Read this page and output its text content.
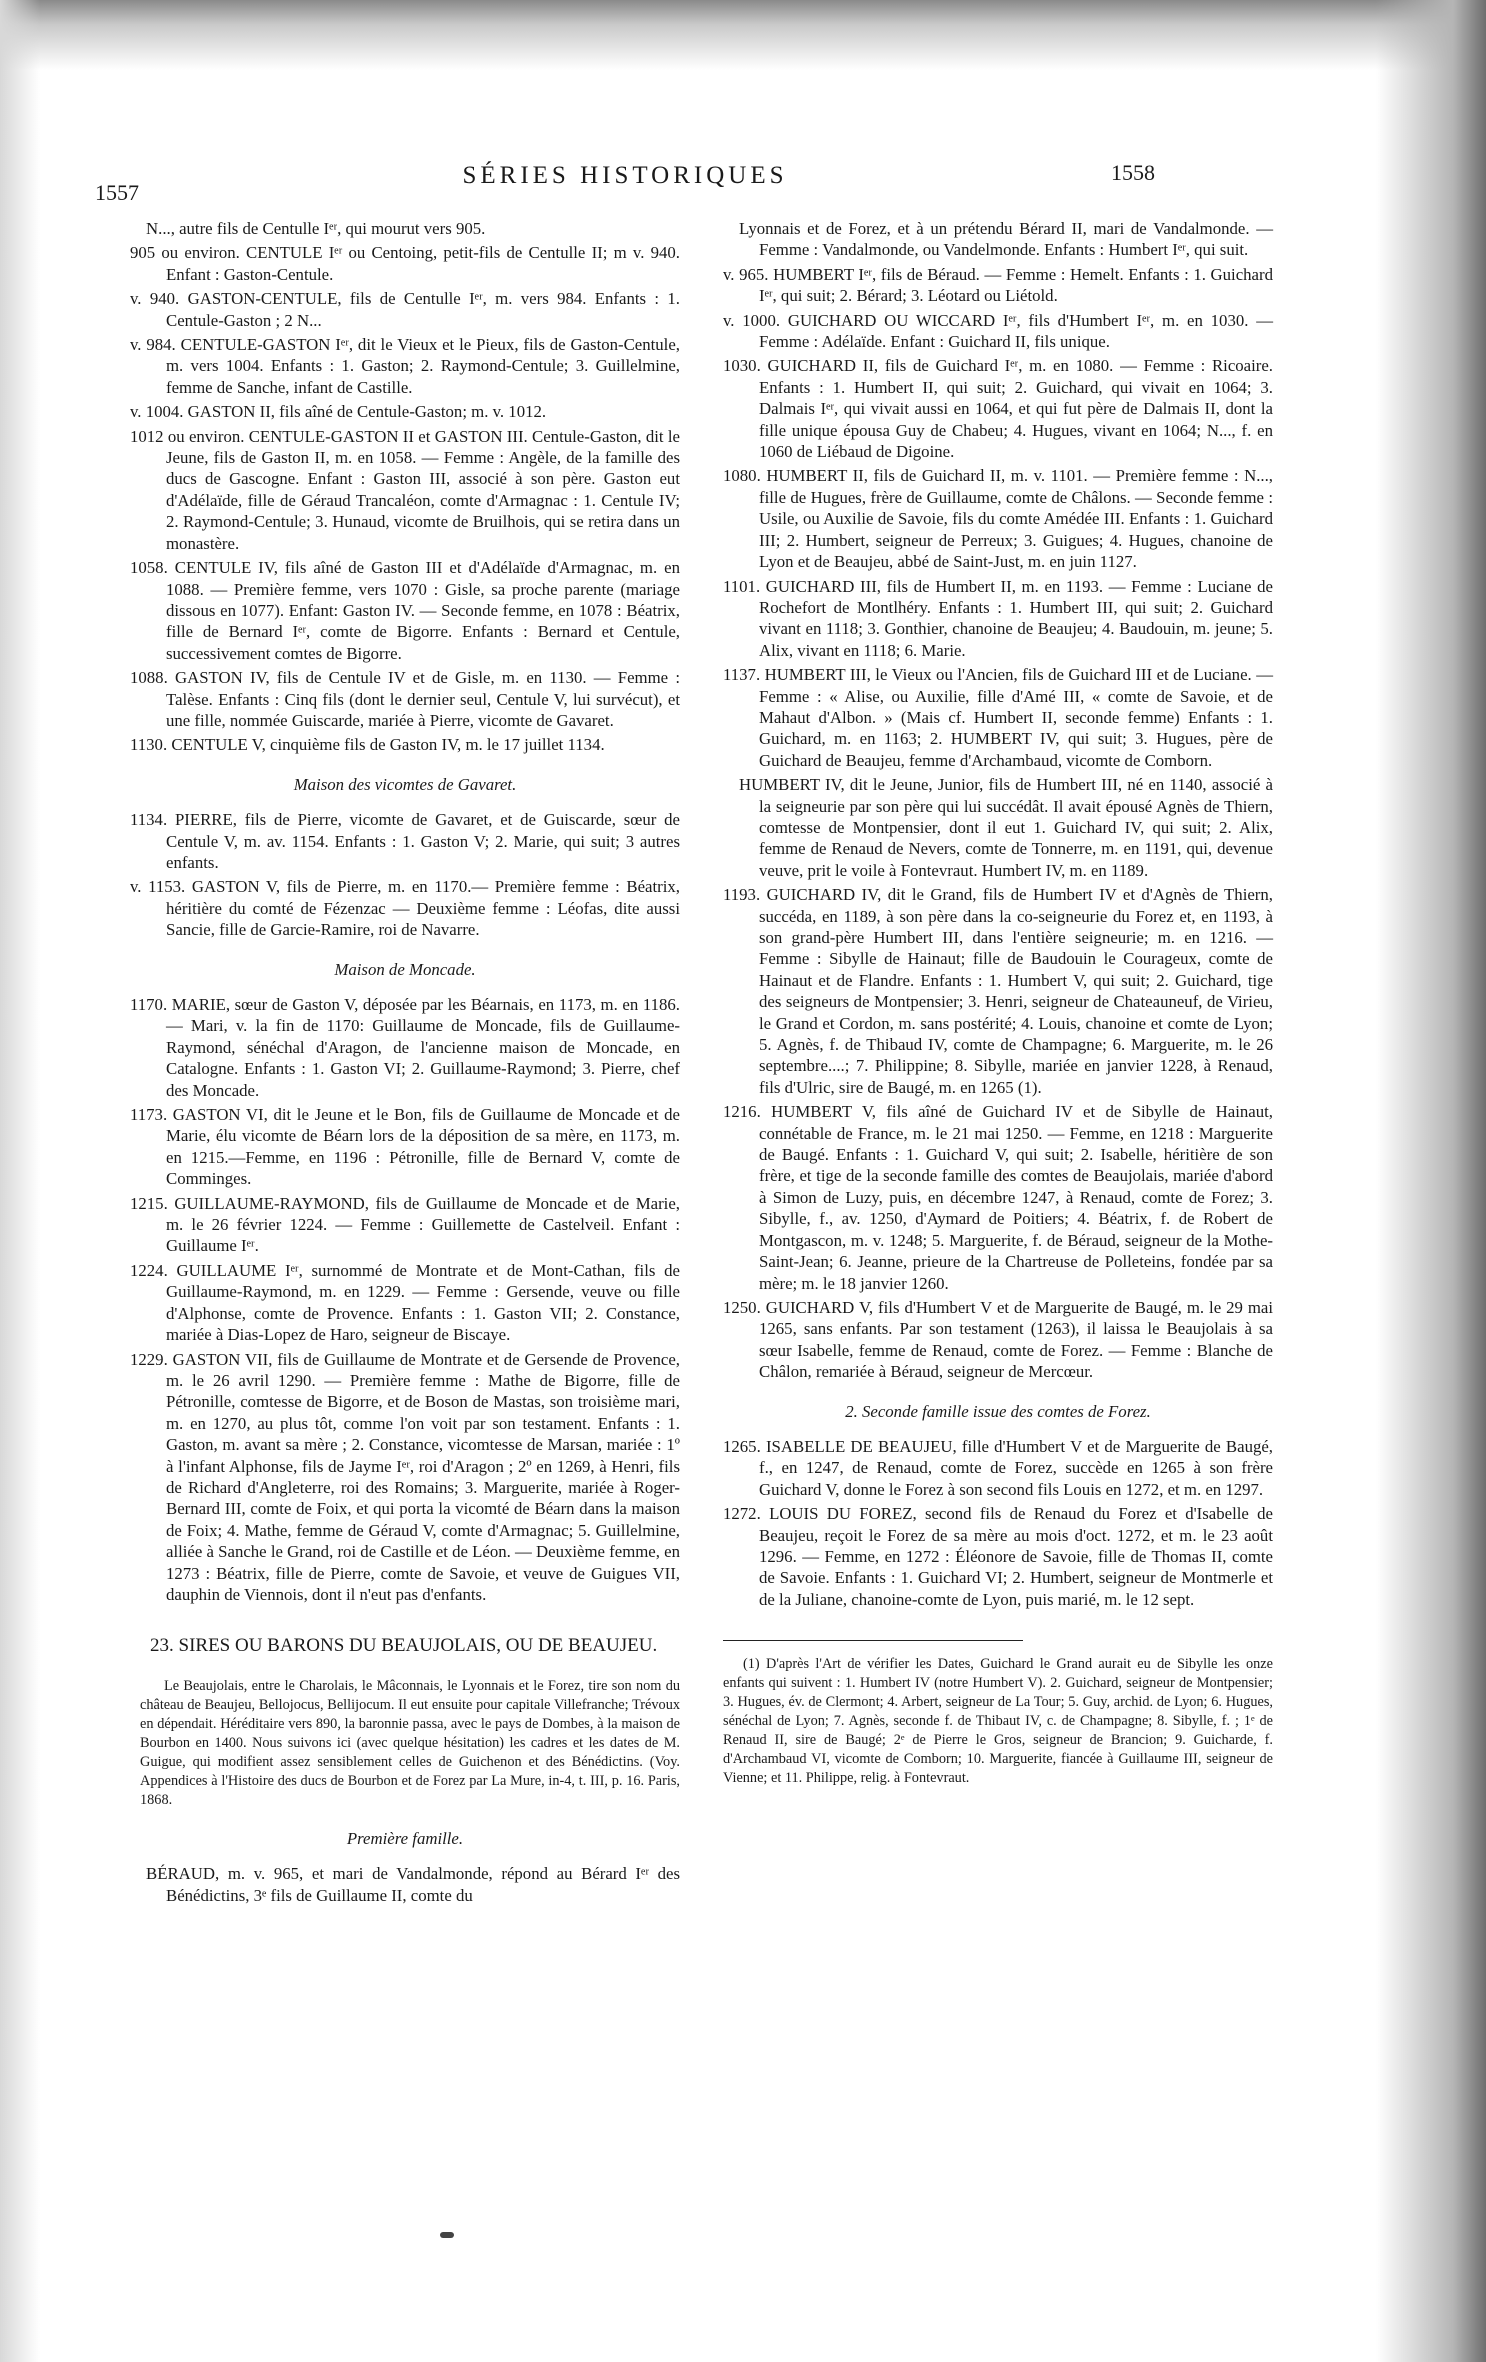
1557
SÉRIES HISTORIQUES	1558

N..., autre fils de Centulle Iᵉʳ, qui mourut vers 905.

905 ou environ. CENTULE Iᵉʳ ou Centoing, petit-fils de Centulle II; m v. 940. Enfant : Gaston-Centule.

v. 940. GASTON-CENTULE, fils de Centulle Iᵉʳ, m. vers 984. Enfants : 1. Centule-Gaston ; 2 N...

v. 984. CENTULE-GASTON Iᵉʳ, dit le Vieux et le Pieux, fils de Gaston-Centule, m. vers 1004. Enfants : 1. Gaston; 2. Raymond-Centule; 3. Guillelmine, femme de Sanche, infant de Castille.

v. 1004. GASTON II, fils aîné de Centule-Gaston; m. v. 1012.

1012 ou environ. CENTULE-GASTON II et GASTON III. Centule-Gaston, dit le Jeune, fils de Gaston II, m. en 1058. — Femme : Angèle, de la famille des ducs de Gascogne. Enfant : Gaston III, associé à son père. Gaston eut d'Adélaïde, fille de Géraud Trancaléon, comte d'Armagnac : 1. Centule IV; 2. Raymond-Centule; 3. Hunaud, vicomte de Bruilhois, qui se retira dans un monastère.

1058. CENTULE IV, fils aîné de Gaston III et d'Adélaïde d'Armagnac, m. en 1088. — Première femme, vers 1070 : Gisle, sa proche parente (mariage dissous en 1077). Enfant: Gaston IV. — Seconde femme, en 1078 : Béatrix, fille de Bernard Iᵉʳ, comte de Bigorre. Enfants : Bernard et Centule, successivement comtes de Bigorre.

1088. GASTON IV, fils de Centule IV et de Gisle, m. en 1130. — Femme : Talèse. Enfants : Cinq fils (dont le dernier seul, Centule V, lui survécut), et une fille, nommée Guiscarde, mariée à Pierre, vicomte de Gavaret.

1130. CENTULE V, cinquième fils de Gaston IV, m. le 17 juillet 1134.

Maison des vicomtes de Gavaret.

1134. PIERRE, fils de Pierre, vicomte de Gavaret, et de Guiscarde, sœur de Centule V, m. av. 1154. Enfants : 1. Gaston V; 2. Marie, qui suit; 3 autres enfants.

v. 1153. GASTON V, fils de Pierre, m. en 1170.— Première femme : Béatrix, héritière du comté de Fézenzac — Deuxième femme : Léofas, dite aussi Sancie, fille de Garcie-Ramire, roi de Navarre.

Maison de Moncade.

1170. MARIE, sœur de Gaston V, déposée par les Béarnais, en 1173, m. en 1186. — Mari, v. la fin de 1170: Guillaume de Moncade, fils de Guillaume-Raymond, sénéchal d'Aragon, de l'ancienne maison de Moncade, en Catalogne. Enfants : 1. Gaston VI; 2. Guillaume-Raymond; 3. Pierre, chef des Moncade.

1173. GASTON VI, dit le Jeune et le Bon, fils de Guillaume de Moncade et de Marie, élu vicomte de Béarn lors de la déposition de sa mère, en 1173, m. en 1215.—Femme, en 1196 : Pétronille, fille de Bernard V, comte de Comminges.

1215. GUILLAUME-RAYMOND, fils de Guillaume de Moncade et de Marie, m. le 26 février 1224. — Femme : Guillemette de Castelveil. Enfant : Guillaume Iᵉʳ.

1224. GUILLAUME Iᵉʳ, surnommé de Montrate et de Mont-Cathan, fils de Guillaume-Raymond, m. en 1229. — Femme : Gersende, veuve ou fille d'Alphonse, comte de Provence. Enfants : 1. Gaston VII; 2. Constance, mariée à Dias-Lopez de Haro, seigneur de Biscaye.

1229. GASTON VII, fils de Guillaume de Montrate et de Gersende de Provence, m. le 26 avril 1290. — Première femme : Mathe de Bigorre, fille de Pétronille, comtesse de Bigorre, et de Boson de Mastas, son troisième mari, m. en 1270, au plus tôt, comme l'on voit par son testament. Enfants : 1. Gaston, m. avant sa mère ; 2. Constance, vicomtesse de Marsan, mariée : 1º à l'infant Alphonse, fils de Jayme Iᵉʳ, roi d'Aragon ; 2º en 1269, à Henri, fils de Richard d'Angleterre, roi des Romains; 3. Marguerite, mariée à Roger-Bernard III, comte de Foix, et qui porta la vicomté de Béarn dans la maison de Foix; 4. Mathe, femme de Géraud V, comte d'Armagnac; 5. Guillelmine, alliée à Sanche le Grand, roi de Castille et de Léon. — Deuxième femme, en 1273 : Béatrix, fille de Pierre, comte de Savoie, et veuve de Guigues VII, dauphin de Viennois, dont il n'eut pas d'enfants.

23. SIRES OU BARONS DU BEAUJOLAIS, OU DE BEAUJEU.

Le Beaujolais, entre le Charolais, le Mâconnais, le Lyonnais et le Forez, tire son nom du château de Beaujeu, Bellojocus, Bellijocum. Il eut ensuite pour capitale Villefranche; Trévoux en dépendait. Héréditaire vers 890, la baronnie passa, avec le pays de Dombes, à la maison de Bourbon en 1400. Nous suivons ici (avec quelque hésitation) les cadres et les dates de M. Guigue, qui modifient assez sensiblement celles de Guichenon et des Bénédictins. (Voy. Appendices à l'Histoire des ducs de Bourbon et de Forez par La Mure, in-4, t. III, p. 16. Paris, 1868.

Première famille.

BÉRAUD, m. v. 965, et mari de Vandalmonde, répond au Bérard Iᵉʳ des Bénédictins, 3ᵉ fils de Guillaume II, comte du

Lyonnais et de Forez, et à un prétendu Bérard II, mari de Vandalmonde. — Femme : Vandalmonde, ou Vandelmonde. Enfants : Humbert Iᵉʳ, qui suit.

v. 965. HUMBERT Iᵉʳ, fils de Béraud. — Femme : Hemelt. Enfants : 1. Guichard Iᵉʳ, qui suit; 2. Bérard; 3. Léotard ou Liétold.

v. 1000. GUICHARD OU WICCARD Iᵉʳ, fils d'Humbert Iᵉʳ, m. en 1030. — Femme : Adélaïde. Enfant : Guichard II, fils unique.

1030. GUICHARD II, fils de Guichard Iᵉʳ, m. en 1080. — Femme : Ricoaire. Enfants : 1. Humbert II, qui suit; 2. Guichard, qui vivait en 1064; 3. Dalmais Iᵉʳ, qui vivait aussi en 1064, et qui fut père de Dalmais II, dont la fille unique épousa Guy de Chabeu; 4. Hugues, vivant en 1064; N..., f. en 1060 de Liébaud de Digoine.

1080. HUMBERT II, fils de Guichard II, m. v. 1101. — Première femme : N..., fille de Hugues, frère de Guillaume, comte de Châlons. — Seconde femme : Usile, ou Auxilie de Savoie, fils du comte Amédée III. Enfants : 1. Guichard III; 2. Humbert, seigneur de Perreux; 3. Guigues; 4. Hugues, chanoine de Lyon et de Beaujeu, abbé de Saint-Just, m. en juin 1127.

1101. GUICHARD III, fils de Humbert II, m. en 1193. — Femme : Luciane de Rochefort de Montlhéry. Enfants : 1. Humbert III, qui suit; 2. Guichard vivant en 1118; 3. Gonthier, chanoine de Beaujeu; 4. Baudouin, m. jeune; 5. Alix, vivant en 1118; 6. Marie.

1137. HUMBERT III, le Vieux ou l'Ancien, fils de Guichard III et de Luciane. — Femme : « Alise, ou Auxilie, fille d'Amé III, « comte de Savoie, et de Mahaut d'Albon. » (Mais cf. Humbert II, seconde femme) Enfants : 1. Guichard, m. en 1163; 2. HUMBERT IV, qui suit; 3. Hugues, père de Guichard de Beaujeu, femme d'Archambaud, vicomte de Comborn.

HUMBERT IV, dit le Jeune, Junior, fils de Humbert III, né en 1140, associé à la seigneurie par son père qui lui succédât. Il avait épousé Agnès de Thiern, comtesse de Montpensier, dont il eut 1. Guichard IV, qui suit; 2. Alix, femme de Renaud de Nevers, comte de Tonnerre, m. en 1191, qui, devenue veuve, prit le voile à Fontevraut. Humbert IV, m. en 1189.

1193. GUICHARD IV, dit le Grand, fils de Humbert IV et d'Agnès de Thiern, succéda, en 1189, à son père dans la co-seigneurie du Forez et, en 1193, à son grand-père Humbert III, dans l'entière seigneurie; m. en 1216. — Femme : Sibylle de Hainaut; fille de Baudouin le Courageux, comte de Hainaut et de Flandre. Enfants : 1. Humbert V, qui suit; 2. Guichard, tige des seigneurs de Montpensier; 3. Henri, seigneur de Chateauneuf, de Virieu, le Grand et Cordon, m. sans postérité; 4. Louis, chanoine et comte de Lyon; 5. Agnès, f. de Thibaud IV, comte de Champagne; 6. Marguerite, m. le 26 septembre....; 7. Philippine; 8. Sibylle, mariée en janvier 1228, à Renaud, fils d'Ulric, sire de Baugé, m. en 1265 (1).

1216. HUMBERT V, fils aîné de Guichard IV et de Sibylle de Hainaut, connétable de France, m. le 21 mai 1250. — Femme, en 1218 : Marguerite de Baugé. Enfants : 1. Guichard V, qui suit; 2. Isabelle, héritière de son frère, et tige de la seconde famille des comtes de Beaujolais, mariée d'abord à Simon de Luzy, puis, en décembre 1247, à Renaud, comte de Forez; 3. Sibylle, f., av. 1250, d'Aymard de Poitiers; 4. Béatrix, f. de Robert de Montgascon, m. v. 1248; 5. Marguerite, f. de Béraud, seigneur de la Mothe-Saint-Jean; 6. Jeanne, prieure de la Chartreuse de Polleteins, fondée par sa mère; m. le 18 janvier 1260.

1250. GUICHARD V, fils d'Humbert V et de Marguerite de Baugé, m. le 29 mai 1265, sans enfants. Par son testament (1263), il laissa le Beaujolais à sa sœur Isabelle, femme de Renaud, comte de Forez. — Femme : Blanche de Châlon, remariée à Béraud, seigneur de Mercœur.

2. Seconde famille issue des comtes de Forez.

1265. ISABELLE DE BEAUJEU, fille d'Humbert V et de Marguerite de Baugé, f., en 1247, de Renaud, comte de Forez, succède en 1265 à son frère Guichard V, donne le Forez à son second fils Louis en 1272, et m. en 1297.

1272. LOUIS DU FOREZ, second fils de Renaud du Forez et d'Isabelle de Beaujeu, reçoit le Forez de sa mère au mois d'oct. 1272, et m. le 23 août 1296. — Femme, en 1272 : Éléonore de Savoie, fille de Thomas II, comte de Savoie. Enfants : 1. Guichard VI; 2. Humbert, seigneur de Montmerle et de la Juliane, chanoine-comte de Lyon, puis marié, m. le 12 sept.

(1) D'après l'Art de vérifier les Dates, Guichard le Grand aurait eu de Sibylle les onze enfants qui suivent : 1. Humbert IV (notre Humbert V). 2. Guichard, seigneur de Montpensier; 3. Hugues, év. de Clermont; 4. Arbert, seigneur de La Tour; 5. Guy, archid. de Lyon; 6. Hugues, sénéchal de Lyon; 7. Agnès, seconde f. de Thibaut IV, c. de Champagne; 8. Sibylle, f. ; 1ᵉ de Renaud II, sire de Baugé; 2ᵉ de Pierre le Gros, seigneur de Brancion; 9. Guicharde, f. d'Archambaud VI, vicomte de Comborn; 10. Marguerite, fiancée à Guillaume III, seigneur de Vienne; et 11. Philippe, relig. à Fontevraut.
